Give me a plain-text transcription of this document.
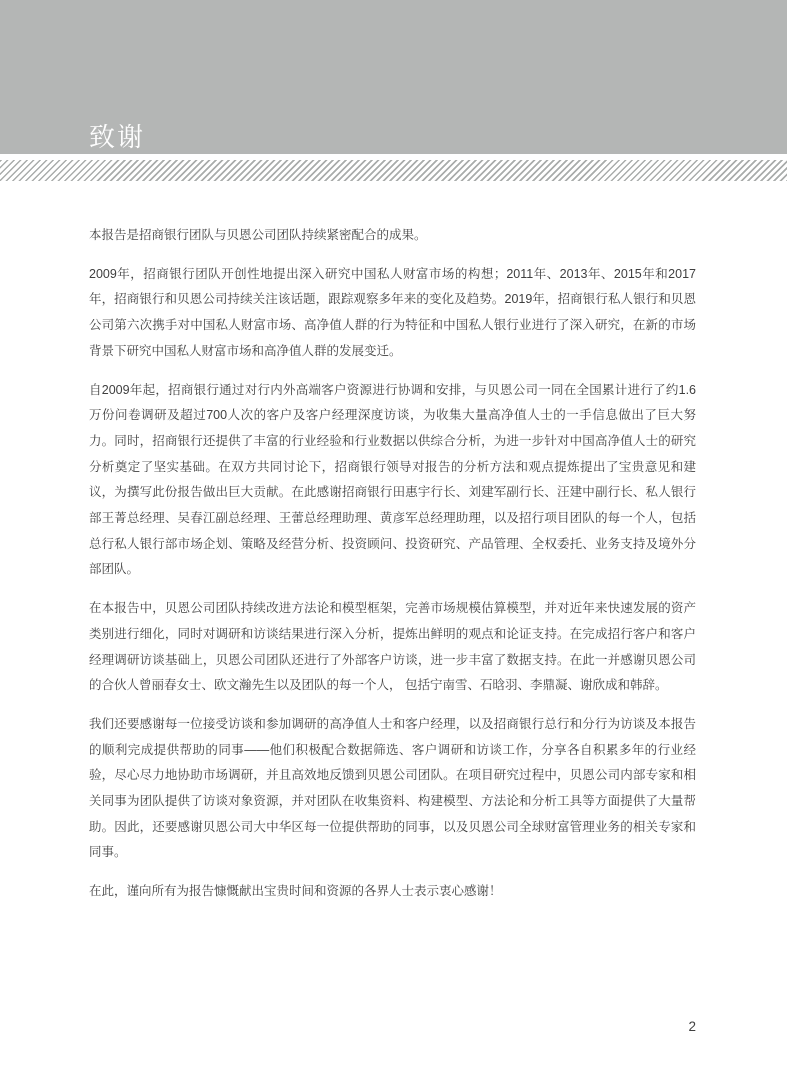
致谢

本报告是招商银行团队与贝恩公司团队持续紧密配合的成果。

2009年，招商银行团队开创性地提出深入研究中国私人财富市场的构想；2011年、2013年、2015年和2017年，招商银行和贝恩公司持续关注该话题，跟踪观察多年来的变化及趋势。2019年，招商银行私人银行和贝恩公司第六次携手对中国私人财富市场、高净值人群的行为特征和中国私人银行业进行了深入研究，在新的市场背景下研究中国私人财富市场和高净值人群的发展变迁。

自2009年起，招商银行通过对行内外高端客户资源进行协调和安排，与贝恩公司一同在全国累计进行了约1.6万份问卷调研及超过700人次的客户及客户经理深度访谈，为收集大量高净值人士的一手信息做出了巨大努力。同时，招商银行还提供了丰富的行业经验和行业数据以供综合分析，为进一步针对中国高净值人士的研究分析奠定了坚实基础。在双方共同讨论下，招商银行领导对报告的分析方法和观点提炼提出了宝贵意见和建议，为撰写此份报告做出巨大贡献。在此感谢招商银行田惠宇行长、刘建军副行长、汪建中副行长、私人银行部王菁总经理、吴春江副总经理、王蕾总经理助理、黄彦军总经理助理，以及招行项目团队的每一个人，包括总行私人银行部市场企划、策略及经营分析、投资顾问、投资研究、产品管理、全权委托、业务支持及境外分部团队。

在本报告中，贝恩公司团队持续改进方法论和模型框架，完善市场规模估算模型，并对近年来快速发展的资产类别进行细化，同时对调研和访谈结果进行深入分析，提炼出鲜明的观点和论证支持。在完成招行客户和客户经理调研访谈基础上，贝恩公司团队还进行了外部客户访谈，进一步丰富了数据支持。在此一并感谢贝恩公司的合伙人曾丽春女士、欧文瀚先生以及团队的每一个人， 包括宁南雪、石晗羽、李鼎凝、谢欣成和韩辞。

我们还要感谢每一位接受访谈和参加调研的高净值人士和客户经理，以及招商银行总行和分行为访谈及本报告的顺利完成提供帮助的同事——他们积极配合数据筛选、客户调研和访谈工作，分享各自积累多年的行业经验，尽心尽力地协助市场调研，并且高效地反馈到贝恩公司团队。在项目研究过程中，贝恩公司内部专家和相关同事为团队提供了访谈对象资源，并对团队在收集资料、构建模型、方法论和分析工具等方面提供了大量帮助。因此，还要感谢贝恩公司大中华区每一位提供帮助的同事，以及贝恩公司全球财富管理业务的相关专家和同事。

在此，谨向所有为报告慷慨献出宝贵时间和资源的各界人士表示衷心感谢！

2
